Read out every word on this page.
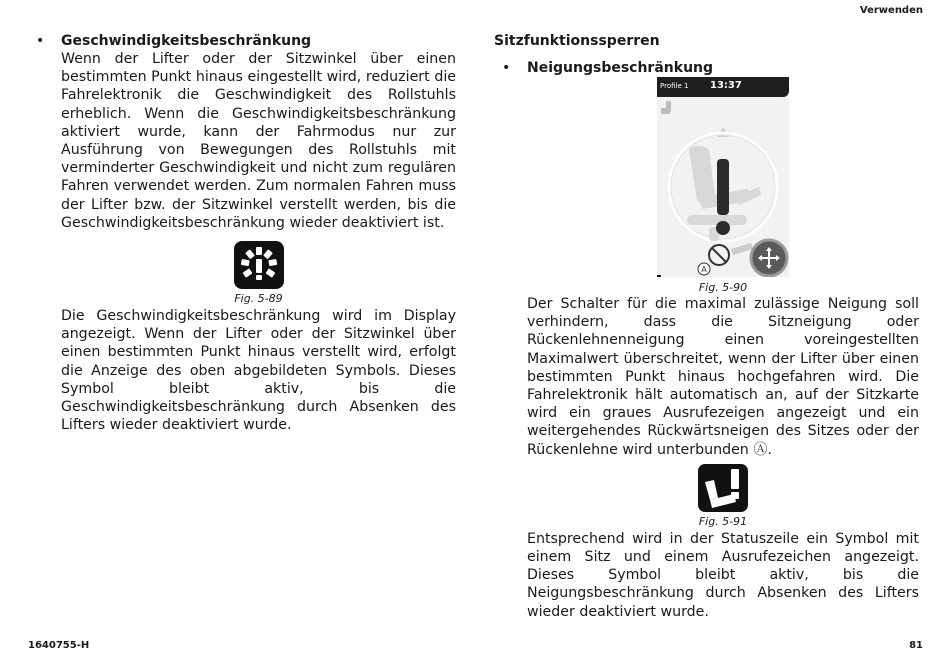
Verwenden
• Geschwindigkeitsbeschränkung
Wenn der Lifter oder der Sitzwinkel über einen bestimmten Punkt hinaus eingestellt wird, reduziert die Fahrelektronik die Geschwindigkeit des Rollstuhls erheblich. Wenn die Geschwindigkeitsbeschränkung aktiviert wurde, kann der Fahrmodus nur zur Ausführung von Bewegungen des Rollstuhls mit verminderter Geschwindigkeit und nicht zum regulären Fahren verwendet werden. Zum normalen Fahren muss der Lifter bzw. der Sitzwinkel verstellt werden, bis die Geschwindigkeitsbeschränkung wieder deaktiviert ist.
Fig. 5-89
Die Geschwindigkeitsbeschränkung wird im Display angezeigt. Wenn der Lifter oder der Sitzwinkel über einen bestimmten Punkt hinaus verstellt wird, erfolgt die Anzeige des oben abgebildeten Symbols. Dieses Symbol bleibt aktiv, bis die Geschwindigkeitsbeschränkung durch Absenken des Lifters wieder deaktiviert wurde.
Sitzfunktionssperren
• Neigungsbeschränkung
Profile 1 13:37
A
Fig. 5-90
Der Schalter für die maximal zulässige Neigung soll verhindern, dass die Sitzneigung oder Rückenlehnenneigung einen voreingestellten Maximalwert überschreitet, wenn der Lifter über einen bestimmten Punkt hinaus hochgefahren wird. Die Fahrelektronik hält automatisch an, auf der Sitzkarte wird ein graues Ausrufezeigen angezeigt und ein weitergehendes Rückwärtsneigen des Sitzes oder der Rückenlehne wird unterbunden Ⓐ.
Fig. 5-91
Entsprechend wird in der Statuszeile ein Symbol mit einem Sitz und einem Ausrufezeichen angezeigt. Dieses Symbol bleibt aktiv, bis die Neigungsbeschränkung durch Absenken des Lifters wieder deaktiviert wurde.
1640755-H	81
